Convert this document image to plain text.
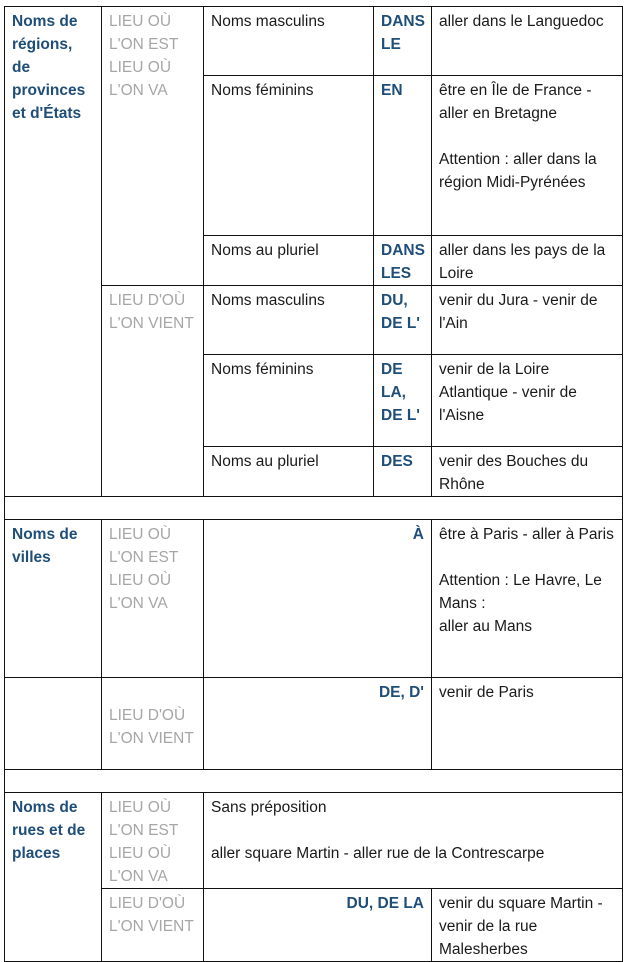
Noms de régions, de provinces et d'États	LIEU OÙ L'ON EST LIEU OÙ L'ON VA	Noms masculins	DANS LE	aller dans le Languedoc
		Noms féminins	EN	être en Île de France - aller en Bretagne
Attention : aller dans la région Midi-Pyrénées
		Noms au pluriel	DANS LES	aller dans les pays de la Loire
	LIEU D'OÙ L'ON VIENT	Noms masculins	DU, DE L'	venir du Jura - venir de l'Ain
		Noms féminins	DE LA, DE L'	venir de la Loire Atlantique - venir de l'Aisne
		Noms au pluriel	DES	venir des Bouches du Rhône

Noms de villes	LIEU OÙ L'ON EST LIEU OÙ L'ON VA	À		être à Paris - aller à Paris
Attention : Le Havre, Le Mans :
aller au Mans
	LIEU D'OÙ L'ON VIENT	DE, D'		venir de Paris

Noms de rues et de places	LIEU OÙ L'ON EST LIEU OÙ L'ON VA	Sans préposition
aller square Martin - aller rue de la Contrescarpe		
	LIEU D'OÙ L'ON VIENT	DU, DE LA		venir du square Martin - venir de la rue Malesherbes
